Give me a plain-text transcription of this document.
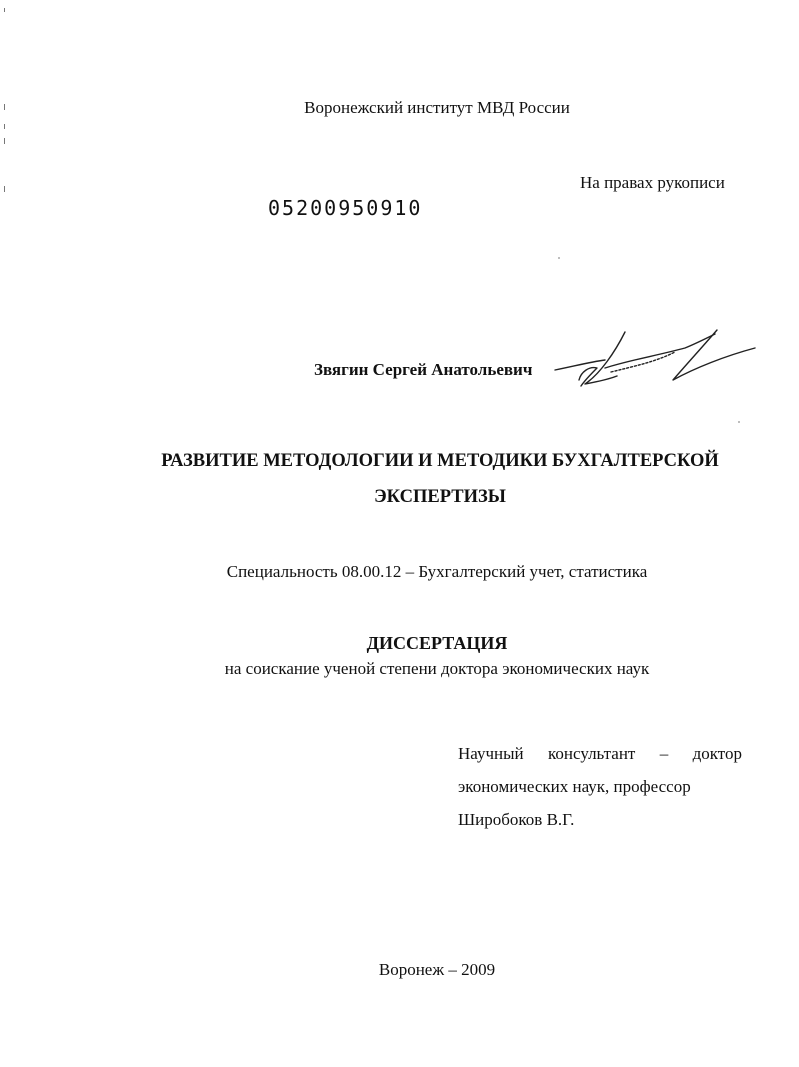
Воронежский институт МВД России
На правах рукописи
05200950910
Звягин Сергей Анатольевич
РАЗВИТИЕ МЕТОДОЛОГИИ И МЕТОДИКИ БУХГАЛТЕРСКОЙ
ЭКСПЕРТИЗЫ
Специальность 08.00.12 – Бухгалтерский учет, статистика
ДИССЕРТАЦИЯ
на соискание ученой степени доктора экономических наук
Научный консультант – доктор
экономических наук, профессор
Широбоков В.Г.
Воронеж – 2009
